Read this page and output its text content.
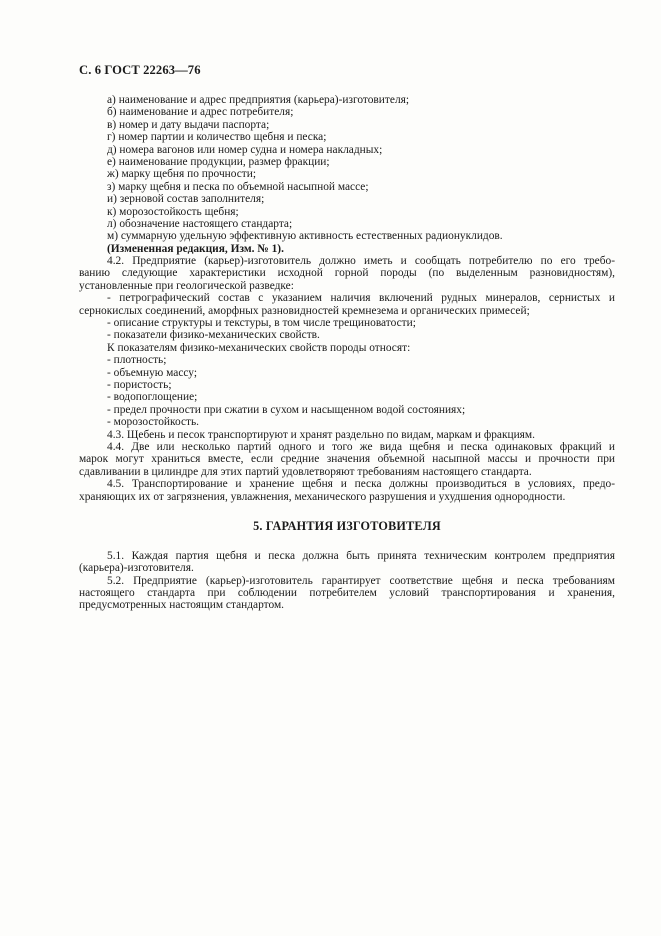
С. 6 ГОСТ 22263—76

а) наименование и адрес предприятия (карьера)-изготовителя;

б) наименование и адрес потребителя;

в) номер и дату выдачи паспорта;

г) номер партии и количество щебня и песка;

д) номера вагонов или номер судна и номера накладных;

е) наименование продукции, размер фракции;

ж) марку щебня по прочности;

з) марку щебня и песка по объемной насыпной массе;

и) зерновой состав заполнителя;

к) морозостойкость щебня;

л) обозначение настоящего стандарта;

м) суммарную удельную эффективную активность естественных радионуклидов.

(Измененная редакция, Изм. № 1).

4.2. Предприятие (карьер)-изготовитель должно иметь и сообщать потребителю по его требо-

ванию следующие характеристики исходной горной породы (по выделенным разновидностям),

установленные при геологической разведке:

- петрографический состав с указанием наличия включений рудных минералов, сернистых и

сернокислых соединений, аморфных разновидностей кремнезема и органических примесей;

- описание структуры и текстуры, в том числе трещиноватости;

- показатели физико-механических свойств.

К показателям физико-механических свойств породы относят:

- плотность;

- объемную массу;

- пористость;

- водопоглощение;

- предел прочности при сжатии в сухом и насыщенном водой состояниях;

- морозостойкость.

4.3. Щебень и песок транспортируют и хранят раздельно по видам, маркам и фракциям.

4.4. Две или несколько партий одного и того же вида щебня и песка одинаковых фракций и

марок могут храниться вместе, если средние значения объемной насыпной массы и прочности при

сдавливании в цилиндре для этих партий удовлетворяют требованиям настоящего стандарта.

4.5. Транспортирование и хранение щебня и песка должны производиться в условиях, предо-

храняющих их от загрязнения, увлажнения, механического разрушения и ухудшения однородности.

5. ГАРАНТИЯ ИЗГОТОВИТЕЛЯ

5.1. Каждая партия щебня и песка должна быть принята техническим контролем предприятия

(карьера)-изготовителя.

5.2. Предприятие (карьер)-изготовитель гарантирует соответствие щебня и песка требованиям

настоящего стандарта при соблюдении потребителем условий транспортирования и хранения,

предусмотренных настоящим стандартом.
